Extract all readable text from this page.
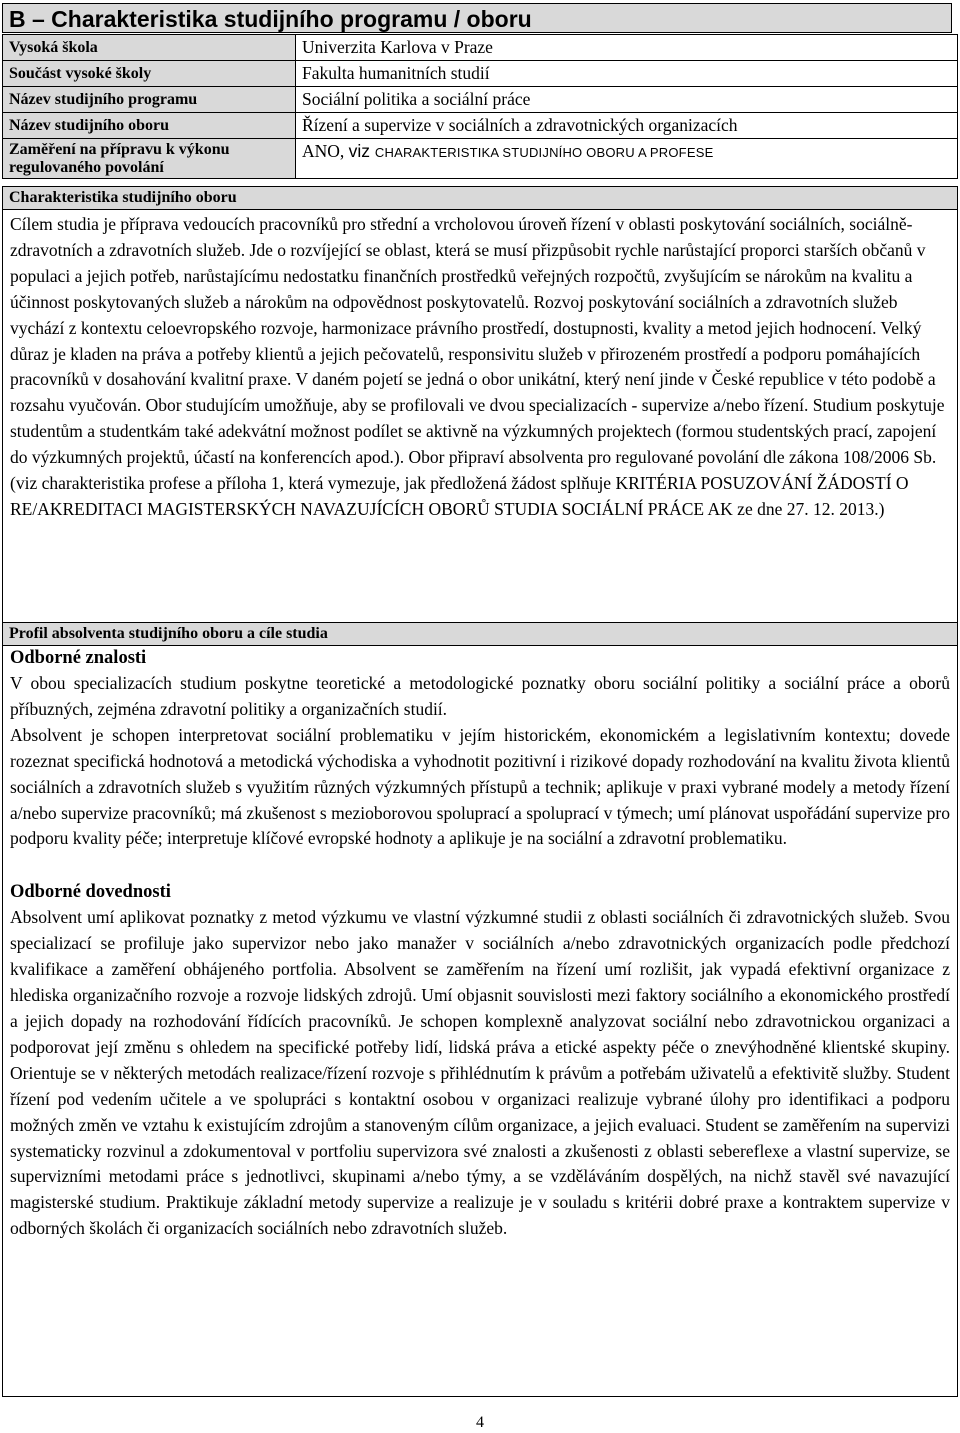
B – Charakteristika studijního programu / oboru
Vysoká škola	Univerzita Karlova v Praze
Součást vysoké školy	Fakulta humanitních studií
Název studijního programu	Sociální politika a sociální práce
Název studijního oboru	Řízení a supervize v sociálních a zdravotnických organizacích
Zaměření na přípravu k výkonu regulovaného povolání	ANO, viz CHARAKTERISTIKA STUDIJNÍHO OBORU A PROFESE
Charakteristika studijního oboru

Cílem studia je příprava vedoucích pracovníků pro střední a vrcholovou úroveň řízení v oblasti poskytování sociálních, sociálně-zdravotních a zdravotních služeb. Jde o rozvíjející se oblast, která se musí přizpůsobit rychle narůstající proporci starších občanů v populaci a jejich potřeb, narůstajícímu nedostatku finančních prostředků veřejných rozpočtů, zvyšujícím se nárokům na kvalitu a účinnost poskytovaných služeb a nárokům na odpovědnost poskytovatelů. Rozvoj poskytování sociálních a zdravotních služeb vychází z kontextu celoevropského rozvoje, harmonizace právního prostředí, dostupnosti, kvality a metod jejich hodnocení. Velký důraz je kladen na práva a potřeby klientů a jejich pečovatelů, responsivitu služeb v přirozeném prostředí a podporu pomáhajících pracovníků v dosahování kvalitní praxe. V daném pojetí se jedná o obor unikátní, který není jinde v České republice v této podobě a rozsahu vyučován. Obor studujícím umožňuje, aby se profilovali ve dvou specializacích - supervize a/nebo řízení. Studium poskytuje studentům a studentkám také adekvátní možnost podílet se aktivně na výzkumných projektech (formou studentských prací, zapojení do výzkumných projektů, účastí na konferencích apod.). Obor připraví absolventa pro regulované povolání dle zákona 108/2006 Sb. (viz charakteristika profese a příloha 1, která vymezuje, jak předložená žádost splňuje KRITÉRIA POSUZOVÁNÍ ŽÁDOSTÍ O RE/AKREDITACI MAGISTERSKÝCH NAVAZUJÍCÍCH OBORŮ STUDIA SOCIÁLNÍ PRÁCE AK ze dne 27. 12. 2013.)

Profil absolventa studijního oboru a cíle studia

Odborné znalosti

V obou specializacích studium poskytne teoretické a metodologické poznatky oboru sociální politiky a sociální práce a oborů příbuzných, zejména zdravotní politiky a organizačních studií.

Absolvent je schopen interpretovat sociální problematiku v jejím historickém, ekonomickém a legislativním kontextu; dovede rozeznat specifická hodnotová a metodická východiska a vyhodnotit pozitivní i rizikové dopady rozhodování na kvalitu života klientů sociálních a zdravotních služeb s využitím různých výzkumných přístupů a technik; aplikuje v praxi vybrané modely a metody řízení a/nebo supervize pracovníků; má zkušenost s mezioborovou spoluprací a spoluprací v týmech; umí plánovat uspořádání supervize pro podporu kvality péče; interpretuje klíčové evropské hodnoty a aplikuje je na sociální a zdravotní problematiku.

Odborné dovednosti

Absolvent umí aplikovat poznatky z metod výzkumu ve vlastní výzkumné studii z oblasti sociálních či zdravotnických služeb. Svou specializací se profiluje jako supervizor nebo jako manažer v sociálních a/nebo zdravotnických organizacích podle předchozí kvalifikace a zaměření obhájeného portfolia. Absolvent se zaměřením na řízení umí rozlišit, jak vypadá efektivní organizace z hlediska organizačního rozvoje a rozvoje lidských zdrojů. Umí objasnit souvislosti mezi faktory sociálního a ekonomického prostředí a jejich dopady na rozhodování řídících pracovníků. Je schopen komplexně analyzovat sociální nebo zdravotnickou organizaci a podporovat její změnu s ohledem na specifické potřeby lidí, lidská práva a etické aspekty péče o znevýhodněné klientské skupiny. Orientuje se v některých metodách realizace/řízení rozvoje s přihlédnutím k právům a potřebám uživatelů a efektivitě služby. Student řízení pod vedením učitele a ve spolupráci s kontaktní osobou v organizaci realizuje vybrané úlohy pro identifikaci a podporu možných změn ve vztahu k existujícím zdrojům a stanoveným cílům organizace, a jejich evaluaci. Student se zaměřením na supervizi systematicky rozvinul a zdokumentoval v portfoliu supervizora své znalosti a zkušenosti z oblasti sebereflexe a vlastní supervize, se supervizními metodami práce s jednotlivci, skupinami a/nebo týmy, a se vzděláváním dospělých, na nichž stavěl své navazující magisterské studium. Praktikuje základní metody supervize a realizuje je v souladu s kritérii dobré praxe a kontraktem supervize v odborných školách či organizacích sociálních nebo zdravotních služeb.

4
